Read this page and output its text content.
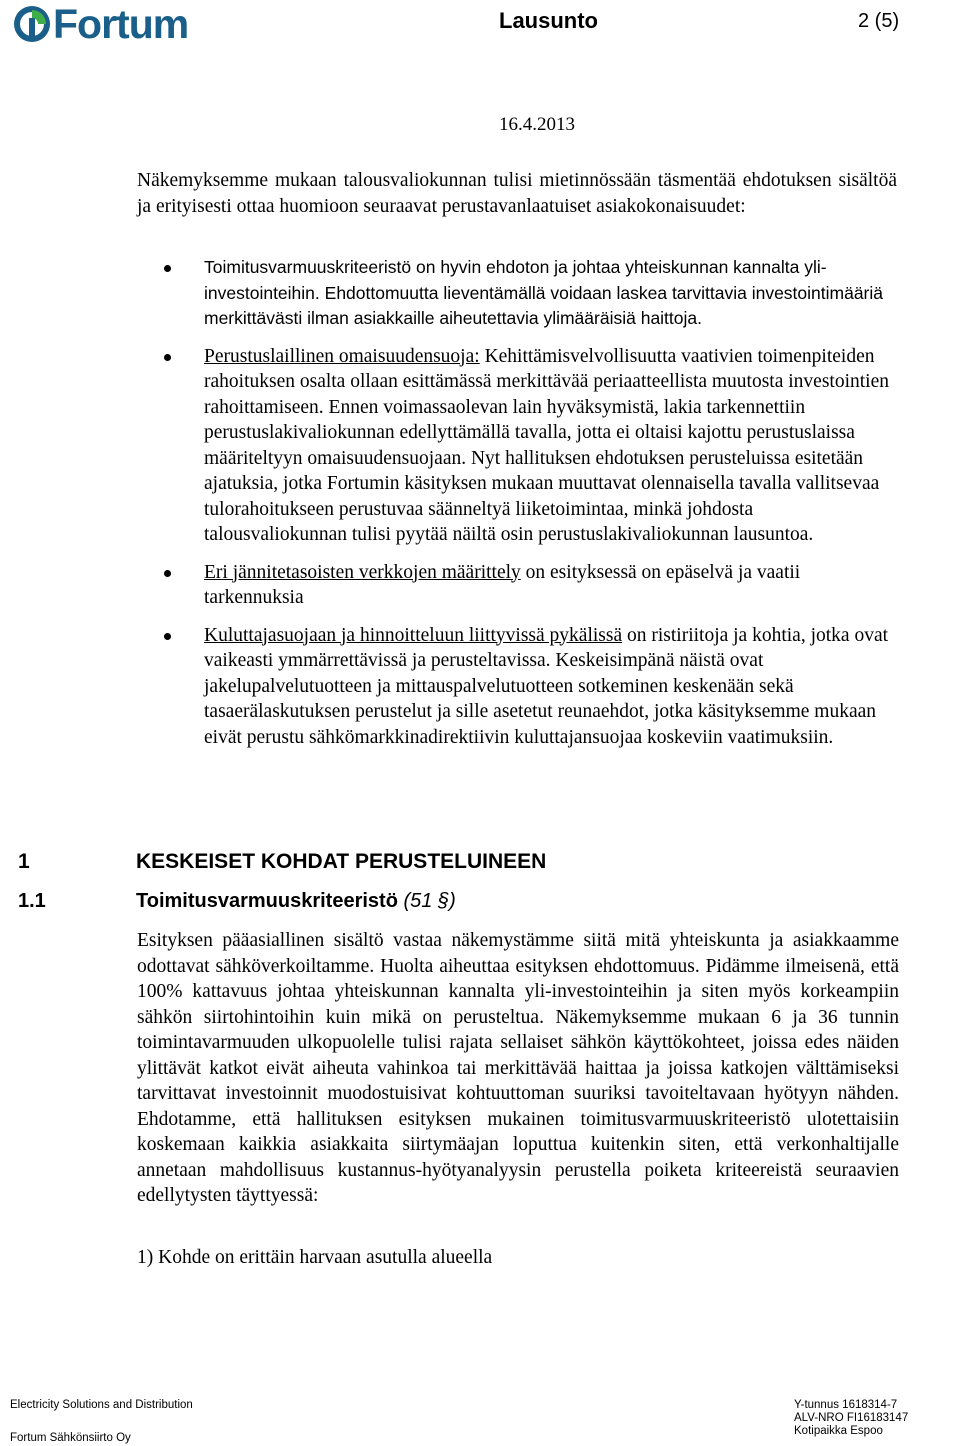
Fortum	Lausunto	2 (5)
16.4.2013

Näkemyksemme mukaan talousvaliokunnan tulisi mietinnössään täsmentää ehdotuksen sisältöä ja erityisesti ottaa huomioon seuraavat perustavanlaatuiset asiakokonaisuudet:

Toimitusvarmuuskriteeristö on hyvin ehdoton ja johtaa yhteiskunnan kannalta yli-investointeihin. Ehdottomuutta lieventämällä voidaan laskea tarvittavia investointimääriä merkittävästi ilman asiakkaille aiheutettavia ylimääräisiä haittoja.
Perustuslaillinen omaisuudensuoja: Kehittämisvelvollisuutta vaativien toimenpiteiden rahoituksen osalta ollaan esittämässä merkittävää periaatteellista muutosta investointien rahoittamiseen. Ennen voimassaolevan lain hyväksymistä, lakia tarkennettiin perustuslakivaliokunnan edellyttämällä tavalla, jotta ei oltaisi kajottu perustuslaissa määriteltyyn omaisuudensuojaan. Nyt hallituksen ehdotuksen perusteluissa esitetään ajatuksia, jotka Fortumin käsityksen mukaan muuttavat olennaisella tavalla vallitsevaa tulorahoitukseen perustuvaa säänneltyä liiketoimintaa, minkä johdosta talousvaliokunnan tulisi pyytää näiltä osin perustuslakivaliokunnan lausuntoa.
Eri jännitetasoisten verkkojen määrittely on esityksessä on epäselvä ja vaatii tarkennuksia
Kuluttajasuojaan ja hinnoitteluun liittyvissä pykälissä on ristiriitoja ja kohtia, jotka ovat vaikeasti ymmärrettävissä ja perusteltavissa. Keskeisimpänä näistä ovat jakelupalvelutuotteen ja mittauspalvelutuotteen sotkeminen keskenään sekä tasaerälaskutuksen perustelut ja sille asetetut reunaehdot, jotka käsityksemme mukaan eivät perustu sähkömarkkinadirektiivin kuluttajansuojaa koskeviin vaatimuksiin.
1	KESKEISET KOHDAT PERUSTELUINEEN
1.1	Toimitusvarmuuskriteeristö (51 §)

Esityksen pääasiallinen sisältö vastaa näkemystämme siitä mitä yhteiskunta ja asiakkaamme odottavat sähköverkoiltamme. Huolta aiheuttaa esityksen ehdottomuus. Pidämme ilmeisenä, että 100% kattavuus johtaa yhteiskunnan kannalta yli-investointeihin ja siten myös korkeampiin sähkön siirtohintoihin kuin mikä on perusteltua. Näkemyksemme mukaan 6 ja 36 tunnin toimintavarmuuden ulkopuolelle tulisi rajata sellaiset sähkön käyttökohteet, joissa edes näiden ylittävät katkot eivät aiheuta vahinkoa tai merkittävää haittaa ja joissa katkojen välttämiseksi tarvittavat investoinnit muodostuisivat kohtuuttoman suuriksi tavoiteltavaan hyötyyn nähden. Ehdotamme, että hallituksen esityksen mukainen toimitusvarmuuskriteeristö ulotettaisiin koskemaan kaikkia asiakkaita siirtymäajan loputtua kuitenkin siten, että verkonhaltijalle annetaan mahdollisuus kustannus-hyötyanalyysin perustella poiketa kriteereistä seuraavien edellytysten täyttyessä:

1) Kohde on erittäin harvaan asutulla alueella

Electricity Solutions and Distribution
Fortum Sähkönsiirto Oy
Y-tunnus 1618314-7
ALV-NRO FI16183147
Kotipaikka Espoo
